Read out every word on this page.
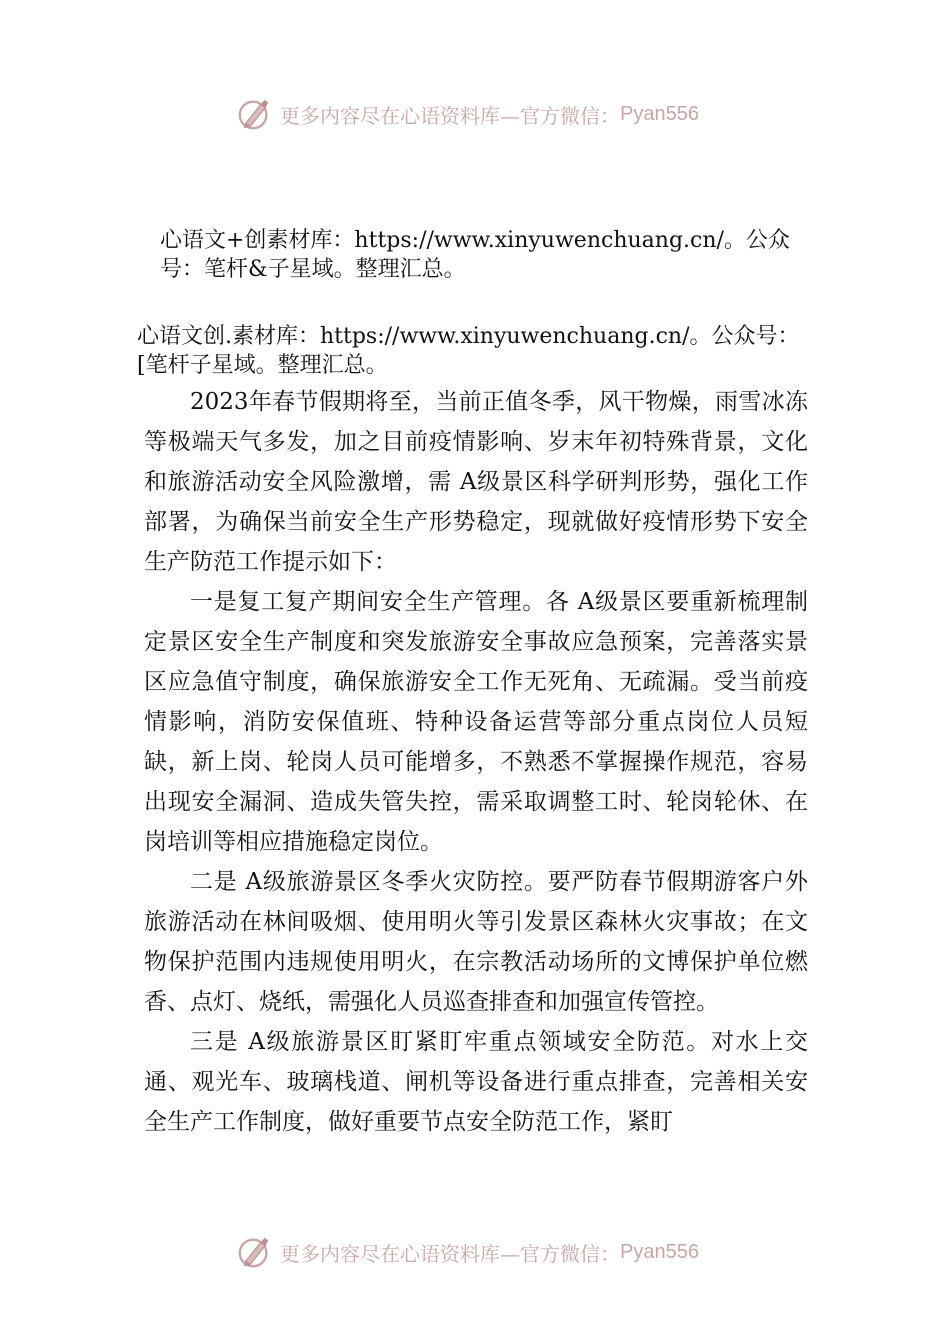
更多内容尽在心语资料库—官方微信： Pyan556
心语文+创素材库：https://www.xinyuwenchuang.cn/。公众号：笔杆&子星域。整理汇总。
心语文创.素材库：https://www.xinyuwenchuang.cn/。公众号：[笔杆子星域。整理汇总。

2023年春节假期将至，当前正值冬季，风干物燥，雨雪冰冻等极端天气多发，加之目前疫情影响、岁末年初特殊背景，文化和旅游活动安全风险激增，需 A级景区科学研判形势，强化工作部署，为确保当前安全生产形势稳定，现就做好疫情形势下安全生产防范工作提示如下：

一是复工复产期间安全生产管理。各 A级景区要重新梳理制定景区安全生产制度和突发旅游安全事故应急预案，完善落实景区应急值守制度，确保旅游安全工作无死角、无疏漏。受当前疫情影响，消防安保值班、特种设备运营等部分重点岗位人员短缺，新上岗、轮岗人员可能增多，不熟悉不掌握操作规范，容易出现安全漏洞、造成失管失控，需采取调整工时、轮岗轮休、在岗培训等相应措施稳定岗位。

二是 A级旅游景区冬季火灾防控。要严防春节假期游客户外旅游活动在林间吸烟、使用明火等引发景区森林火灾事故；在文物保护范围内违规使用明火，在宗教活动场所的文博保护单位燃香、点灯、烧纸，需强化人员巡查排查和加强宣传管控。

三是 A级旅游景区盯紧盯牢重点领域安全防范。对水上交通、观光车、玻璃栈道、闸机等设备进行重点排查，完善相关安全生产工作制度，做好重要节点安全防范工作，紧盯

更多内容尽在心语资料库—官方微信： Pyan556
